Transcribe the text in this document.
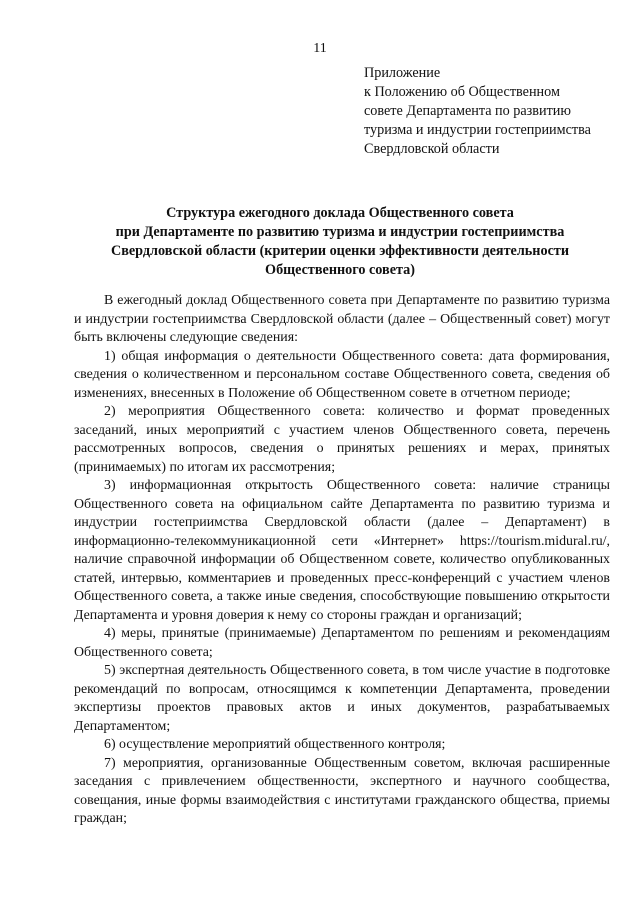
11
Приложение
к Положению об Общественном
совете Департамента по развитию
туризма и индустрии гостеприимства
Свердловской области
Структура ежегодного доклада Общественного совета
при Департаменте по развитию туризма и индустрии гостеприимства
Свердловской области (критерии оценки эффективности деятельности
Общественного совета)

В ежегодный доклад Общественного совета при Департаменте по развитию туризма и индустрии гостеприимства Свердловской области (далее – Общественный совет) могут быть включены следующие сведения:

1) общая информация о деятельности Общественного совета: дата формирования, сведения о количественном и персональном составе Общественного совета, сведения об изменениях, внесенных в Положение об Общественном совете в отчетном периоде;

2) мероприятия Общественного совета: количество и формат проведенных заседаний, иных мероприятий с участием членов Общественного совета, перечень рассмотренных вопросов, сведения о принятых решениях и мерах, принятых (принимаемых) по итогам их рассмотрения;

3) информационная открытость Общественного совета: наличие страницы Общественного совета на официальном сайте Департамента по развитию туризма и индустрии гостеприимства Свердловской области (далее – Департамент) в информационно-телекоммуникационной сети «Интернет» https://tourism.midural.ru/, наличие справочной информации об Общественном совете, количество опубликованных статей, интервью, комментариев и проведенных пресс-конференций с участием членов Общественного совета, а также иные сведения, способствующие повышению открытости Департамента и уровня доверия к нему со стороны граждан и организаций;

4) меры, принятые (принимаемые) Департаментом по решениям и рекомендациям Общественного совета;

5) экспертная деятельность Общественного совета, в том числе участие в подготовке рекомендаций по вопросам, относящимся к компетенции Департамента, проведении экспертизы проектов правовых актов и иных документов, разрабатываемых Департаментом;

6) осуществление мероприятий общественного контроля;

7) мероприятия, организованные Общественным советом, включая расширенные заседания с привлечением общественности, экспертного и научного сообщества, совещания, иные формы взаимодействия с институтами гражданского общества, приемы граждан;
